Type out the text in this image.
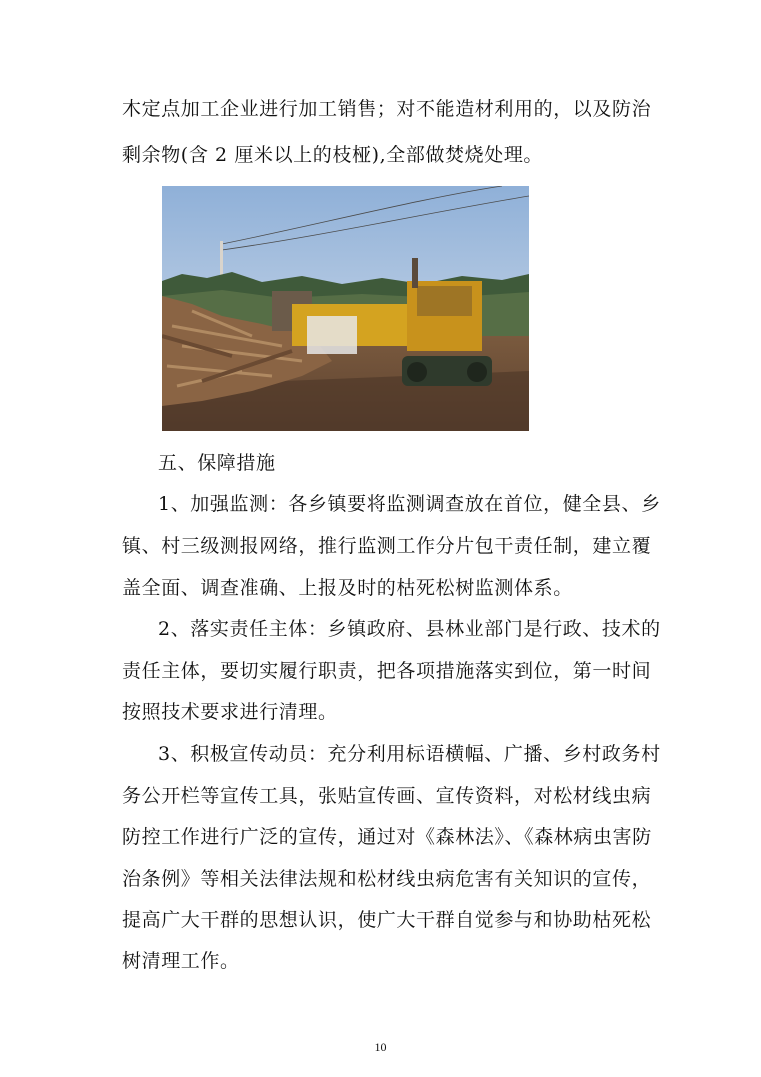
木定点加工企业进行加工销售；对不能造材利用的，以及防治
剩余物(含 2 厘米以上的枝桠),全部做焚烧处理。
五、保障措施
1、加强监测：各乡镇要将监测调查放在首位，健全县、乡
镇、村三级测报网络，推行监测工作分片包干责任制，建立覆
盖全面、调查准确、上报及时的枯死松树监测体系。
2、落实责任主体：乡镇政府、县林业部门是行政、技术的
责任主体，要切实履行职责，把各项措施落实到位，第一时间
按照技术要求进行清理。
3、积极宣传动员：充分利用标语横幅、广播、乡村政务村
务公开栏等宣传工具，张贴宣传画、宣传资料，对松材线虫病
防控工作进行广泛的宣传，通过对《森林法》、《森林病虫害防
治条例》等相关法律法规和松材线虫病危害有关知识的宣传，
提高广大干群的思想认识，使广大干群自觉参与和协助枯死松
树清理工作。
10
